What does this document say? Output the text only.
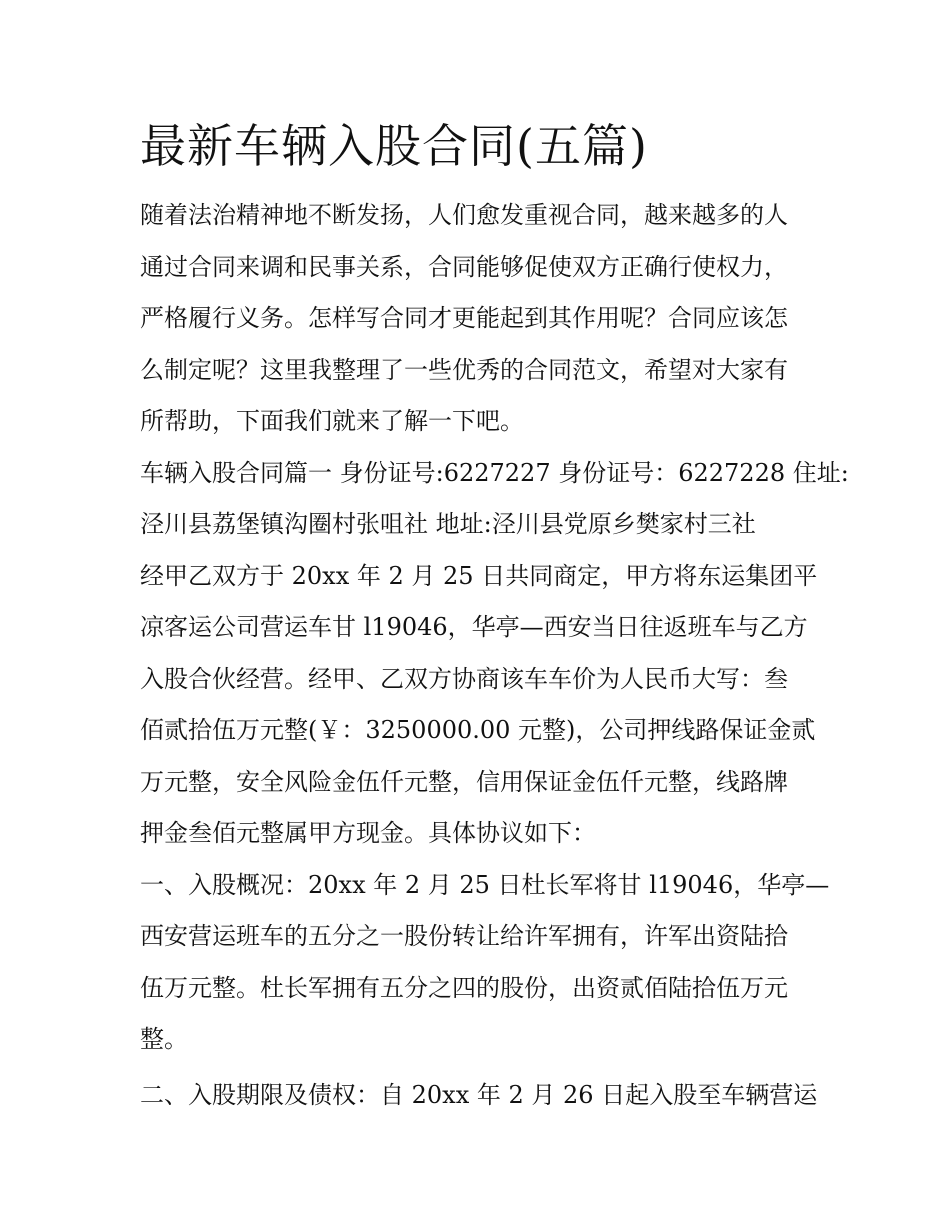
最新车辆入股合同(五篇)
随着法治精神地不断发扬，人们愈发重视合同，越来越多的人
通过合同来调和民事关系，合同能够促使双方正确行使权力，
严格履行义务。怎样写合同才更能起到其作用呢？合同应该怎
么制定呢？这里我整理了一些优秀的合同范文，希望对大家有
所帮助，下面我们就来了解一下吧。
车辆入股合同篇一 身份证号:6227227 身份证号：6227228 住址:
泾川县荔堡镇沟圈村张咀社 地址:泾川县党原乡樊家村三社
经甲乙双方于 20xx 年 2 月 25 日共同商定，甲方将东运集团平
凉客运公司营运车甘 l19046，华亭—西安当日往返班车与乙方
入股合伙经营。经甲、乙双方协商该车车价为人民币大写：叁
佰贰拾伍万元整(￥：3250000.00 元整)，公司押线路保证金贰
万元整，安全风险金伍仟元整，信用保证金伍仟元整，线路牌
押金叁佰元整属甲方现金。具体协议如下：
一、入股概况：20xx 年 2 月 25 日杜长军将甘 l19046，华亭—
西安营运班车的五分之一股份转让给许军拥有，许军出资陆拾
伍万元整。杜长军拥有五分之四的股份，出资贰佰陆拾伍万元
整。
二、入股期限及债权：自 20xx 年 2 月 26 日起入股至车辆营运
